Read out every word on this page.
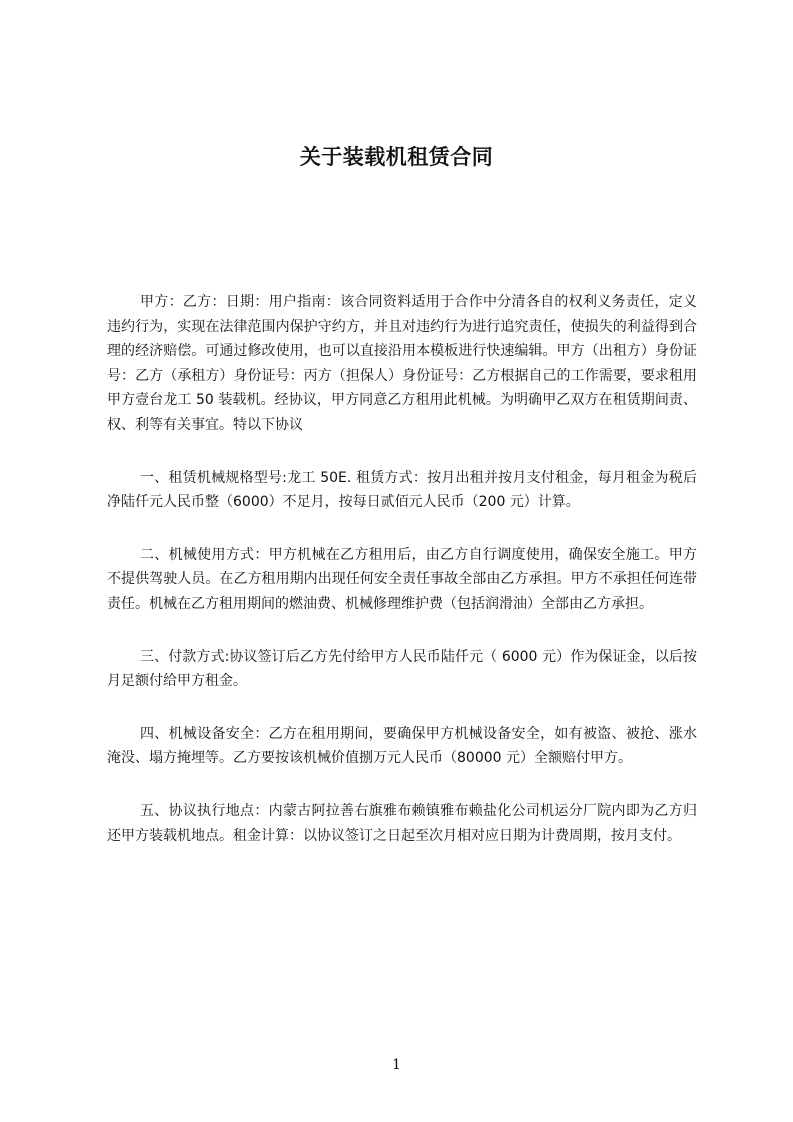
关于装载机租赁合同

甲方：乙方：日期：用户指南：该合同资料适用于合作中分清各自的权利义务责任，定义违约行为，实现在法律范围内保护守约方，并且对违约行为进行追究责任，使损失的利益得到合理的经济赔偿。可通过修改使用，也可以直接沿用本模板进行快速编辑。甲方（出租方）身份证号：乙方（承租方）身份证号：丙方（担保人）身份证号：乙方根据自己的工作需要，要求租用甲方壹台龙工 50 装载机。经协议，甲方同意乙方租用此机械。为明确甲乙双方在租赁期间责、权、利等有关事宜。特以下协议

一、租赁机械规格型号:龙工 50E. 租赁方式：按月出租并按月支付租金，每月租金为税后净陆仟元人民币整（6000）不足月，按每日贰佰元人民币（200 元）计算。

二、机械使用方式：甲方机械在乙方租用后，由乙方自行调度使用，确保安全施工。甲方不提供驾驶人员。在乙方租用期内出现任何安全责任事故全部由乙方承担。甲方不承担任何连带责任。机械在乙方租用期间的燃油费、机械修理维护费（包括润滑油）全部由乙方承担。

三、付款方式:协议签订后乙方先付给甲方人民币陆仟元（ 6000 元）作为保证金，以后按月足额付给甲方租金。

四、机械设备安全：乙方在租用期间，要确保甲方机械设备安全，如有被盗、被抢、涨水淹没、塌方掩埋等。乙方要按该机械价值捌万元人民币（80000 元）全额赔付甲方。

五、协议执行地点：内蒙古阿拉善右旗雅布赖镇雅布赖盐化公司机运分厂院内即为乙方归还甲方装载机地点。租金计算：以协议签订之日起至次月相对应日期为计费周期，按月支付。

1
